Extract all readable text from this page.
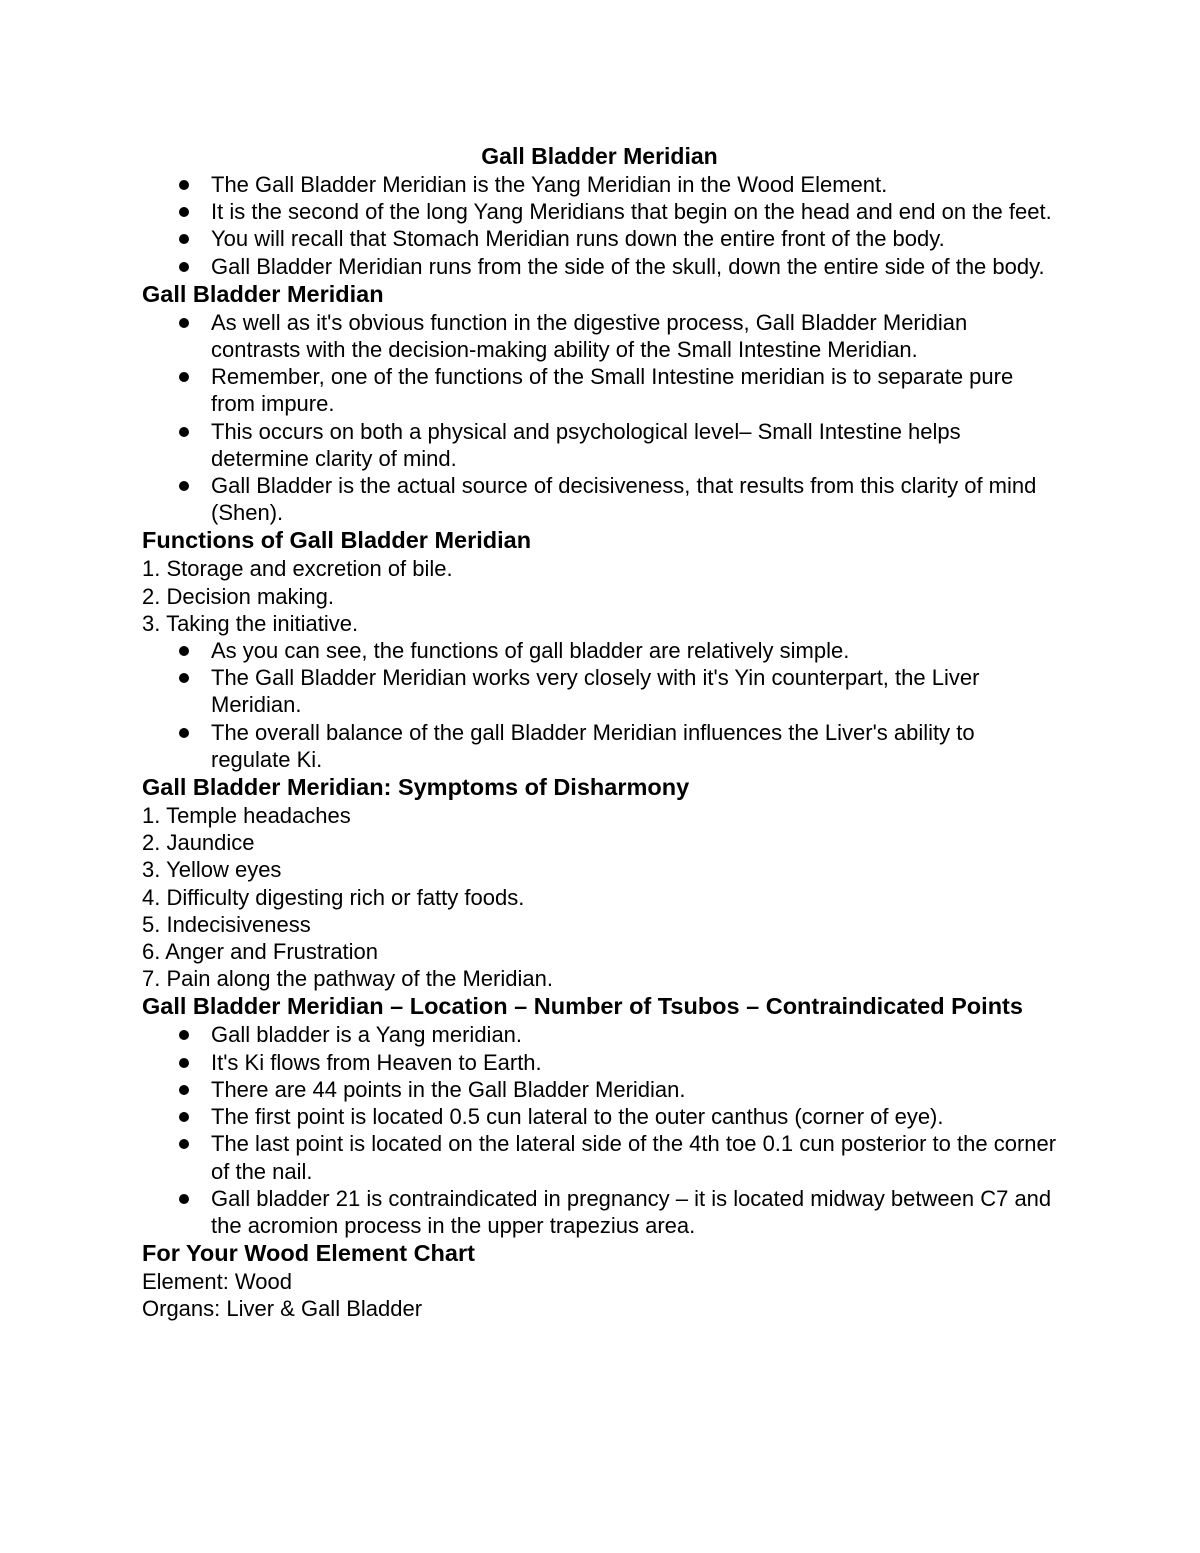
Gall Bladder Meridian
The Gall Bladder Meridian is the Yang Meridian in the Wood Element.
It is the second of the long Yang Meridians that begin on the head and end on the feet.
You will recall that Stomach Meridian runs down the entire front of the body.
Gall Bladder Meridian runs from the side of the skull, down the entire side of the body.
Gall Bladder Meridian
As well as it's obvious function in the digestive process, Gall Bladder Meridian contrasts with the decision-making ability of the Small Intestine Meridian.
Remember, one of the functions of the Small Intestine meridian is to separate pure from impure.
This occurs on both a physical and psychological level– Small Intestine helps determine clarity of mind.
Gall Bladder is the actual source of decisiveness, that results from this clarity of mind (Shen).
Functions of Gall Bladder Meridian
1. Storage and excretion of bile.
2. Decision making.
3. Taking the initiative.
As you can see, the functions of gall bladder are relatively simple.
The Gall Bladder Meridian works very closely with it's Yin counterpart, the Liver Meridian.
The overall balance of the gall Bladder Meridian influences the Liver's ability to regulate Ki.
Gall Bladder Meridian: Symptoms of Disharmony
1. Temple headaches
2. Jaundice
3. Yellow eyes
4. Difficulty digesting rich or fatty foods.
5. Indecisiveness
6. Anger and Frustration
7. Pain along the pathway of the Meridian.
Gall Bladder Meridian – Location – Number of Tsubos – Contraindicated Points
Gall bladder is a Yang meridian.
It's Ki flows from Heaven to Earth.
There are 44 points in the Gall Bladder Meridian.
The first point is located 0.5 cun lateral to the outer canthus (corner of eye).
The last point is located on the lateral side of the 4th toe 0.1 cun posterior to the corner of the nail.
Gall bladder 21 is contraindicated in pregnancy – it is located midway between C7 and the acromion process in the upper trapezius area.
For Your Wood Element Chart
Element: Wood
Organs: Liver & Gall Bladder
